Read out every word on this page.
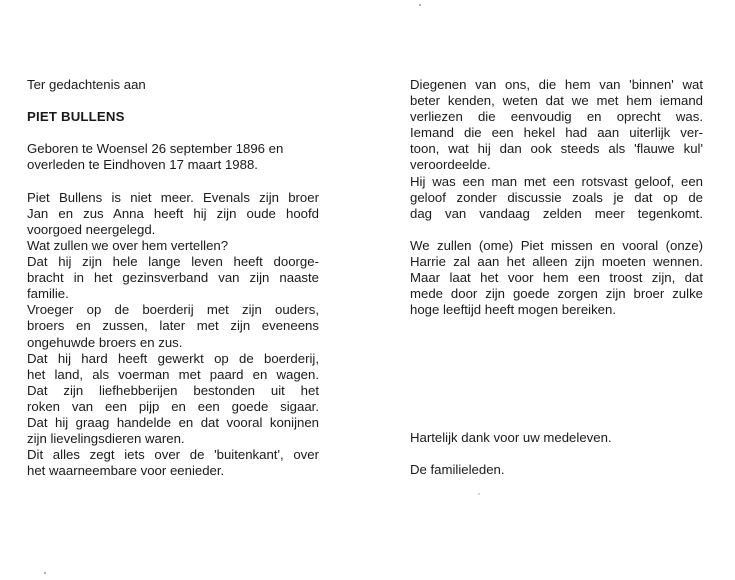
Ter gedachtenis aan
PIET BULLENS
Geboren te Woensel 26 september 1896 en
overleden te Eindhoven 17 maart 1988.
Piet Bullens is niet meer. Evenals zijn broer
Jan en zus Anna heeft hij zijn oude hoofd
voorgoed neergelegd.
Wat zullen we over hem vertellen?
Dat hij zijn hele lange leven heeft doorge-
bracht in het gezinsverband van zijn naaste
familie.
Vroeger op de boerderij met zijn ouders,
broers en zussen, later met zijn eveneens
ongehuwde broers en zus.
Dat hij hard heeft gewerkt op de boerderij,
het land, als voerman met paard en wagen.
Dat zijn liefhebberijen bestonden uit het
roken van een pijp en een goede sigaar.
Dat hij graag handelde en dat vooral konijnen
zijn lievelingsdieren waren.
Dit alles zegt iets over de 'buitenkant', over
het waarneembare voor eenieder.
Diegenen van ons, die hem van 'binnen' wat
beter kenden, weten dat we met hem iemand
verliezen die eenvoudig en oprecht was.
Iemand die een hekel had aan uiterlijk ver-
toon, wat hij dan ook steeds als 'flauwe kul'
veroordeelde.
Hij was een man met een rotsvast geloof, een
geloof zonder discussie zoals je dat op de
dag van vandaag zelden meer tegenkomt.
We zullen (ome) Piet missen en vooral (onze)
Harrie zal aan het alleen zijn moeten wennen.
Maar laat het voor hem een troost zijn, dat
mede door zijn goede zorgen zijn broer zulke
hoge leeftijd heeft mogen bereiken.
Hartelijk dank voor uw medeleven.
De familieleden.
